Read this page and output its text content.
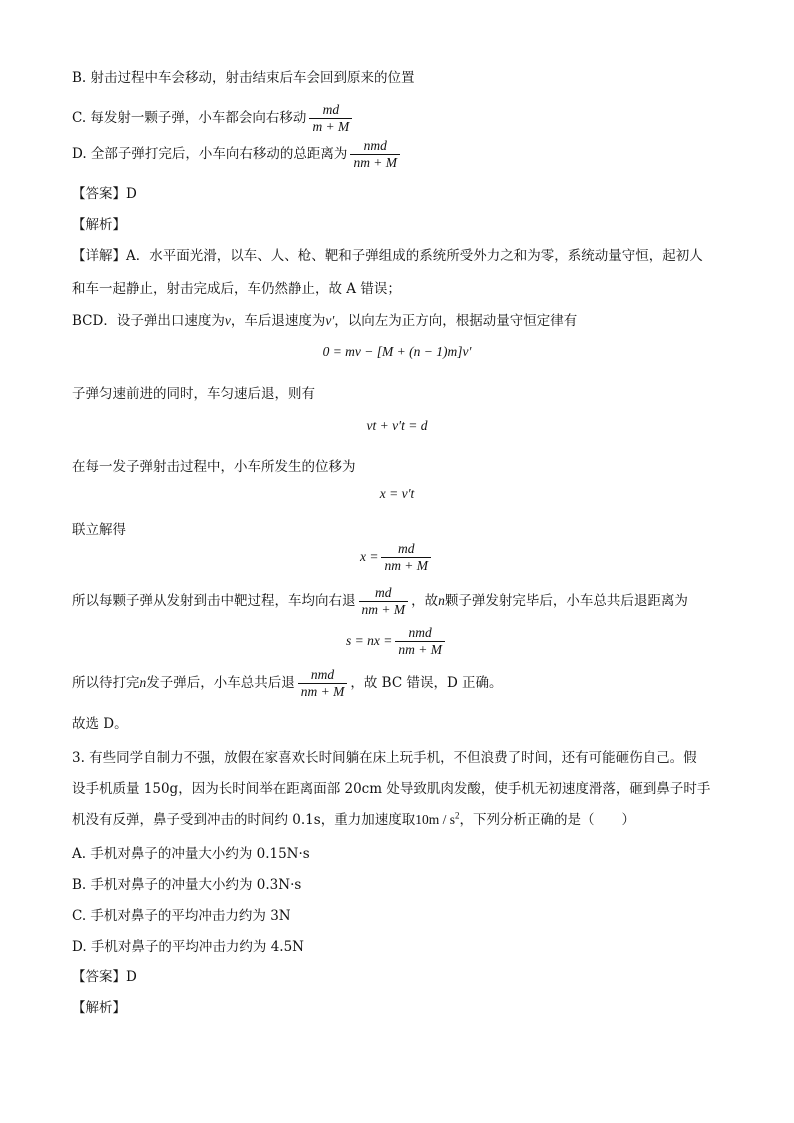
B. 射击过程中车会移动，射击结束后车会回到原来的位置
C. 每发射一颗子弹，小车都会向右移动 $\frac{md}{m + M}$
D. 全部子弹打完后，小车向右移动的总距离为 $\frac{\text{nmd}}{nm + M}$
【答案】D
【解析】
【详解】A．水平面光滑，以车、人、枪、靶和子弹组成的系统所受外力之和为零，系统动量守恒，起初人
和车一起静止，射击完成后，车仍然静止，故 A 错误；
BCD．设子弹出口速度为v，车后退速度为v′，以向左为正方向，根据动量守恒定律有
0 = mv − [M + (n − 1)m]v′
子弹匀速前进的同时，车匀速后退，则有
vt + v′t = d
在每一发子弹射击过程中，小车所发生的位移为
x = v′t
联立解得
$x = \frac{md}{nm + M}$
所以每颗子弹从发射到击中靶过程，车均向右退 $\frac{md}{nm + M}$ ，故n颗子弹发射完毕后，小车总共后退距离为
s = nx = $\frac{\text{nmd}}{nm + M}$
所以待打完n发子弹后，小车总共后退 $\frac{\text{nmd}}{nm + M}$ ，故 BC 错误，D 正确。
故选 D。
3. 有些同学自制力不强，放假在家喜欢长时间躺在床上玩手机，不但浪费了时间，还有可能砸伤自己。假
设手机质量 150g，因为长时间举在距离面部 20cm 处导致肌肉发酸，使手机无初速度滑落，砸到鼻子时手
机没有反弹，鼻子受到冲击的时间约 0.1s，重力加速度取$10m / s^2$，下列分析正确的是（　　）
A. 手机对鼻子的冲量大小约为 0.15N·s
B. 手机对鼻子的冲量大小约为 0.3N·s
C. 手机对鼻子的平均冲击力约为 3N
D. 手机对鼻子的平均冲击力约为 4.5N
【答案】D
【解析】
